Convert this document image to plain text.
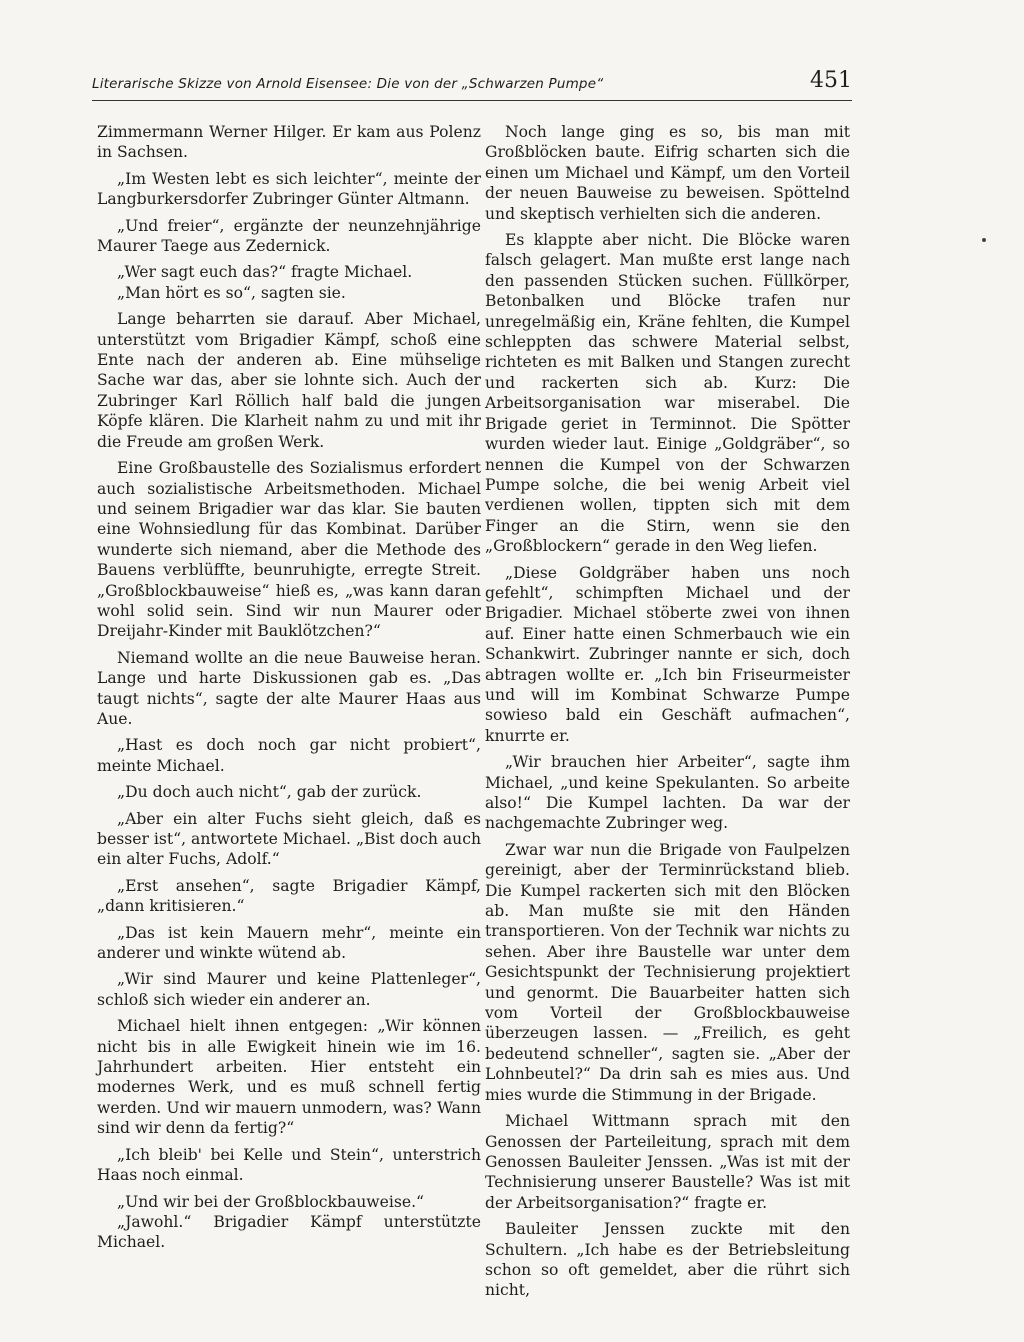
Literarische Skizze von Arnold Eisensee: Die von der „Schwarzen Pumpe“	451

Zimmermann Werner Hilger. Er kam aus Polenz in Sachsen.

„Im Westen lebt es sich leichter“, meinte der Langburkersdorfer Zubringer Günter Altmann.

„Und freier“, ergänzte der neunzehnjährige Maurer Taege aus Zedernick.

„Wer sagt euch das?“ fragte Michael.

„Man hört es so“, sagten sie.

Lange beharrten sie darauf. Aber Michael, unterstützt vom Brigadier Kämpf, schoß eine Ente nach der anderen ab. Eine mühselige Sache war das, aber sie lohnte sich. Auch der Zubringer Karl Röllich half bald die jungen Köpfe klären. Die Klarheit nahm zu und mit ihr die Freude am großen Werk.

Eine Großbaustelle des Sozialismus erfordert auch sozialistische Arbeitsmethoden. Michael und seinem Brigadier war das klar. Sie bauten eine Wohnsiedlung für das Kombinat. Darüber wunderte sich niemand, aber die Methode des Bauens verblüffte, beunruhigte, erregte Streit. „Großblockbauweise“ hieß es, „was kann daran wohl solid sein. Sind wir nun Maurer oder Dreijahr-Kinder mit Bauklötzchen?“

Niemand wollte an die neue Bauweise heran. Lange und harte Diskussionen gab es. „Das taugt nichts“, sagte der alte Maurer Haas aus Aue.

„Hast es doch noch gar nicht probiert“, meinte Michael.

„Du doch auch nicht“, gab der zurück.

„Aber ein alter Fuchs sieht gleich, daß es besser ist“, antwortete Michael. „Bist doch auch ein alter Fuchs, Adolf.“

„Erst ansehen“, sagte Brigadier Kämpf, „dann kritisieren.“

„Das ist kein Mauern mehr“, meinte ein anderer und winkte wütend ab.

„Wir sind Maurer und keine Plattenleger“, schloß sich wieder ein anderer an.

Michael hielt ihnen entgegen: „Wir können nicht bis in alle Ewigkeit hinein wie im 16. Jahrhundert arbeiten. Hier entsteht ein modernes Werk, und es muß schnell fertig werden. Und wir mauern unmodern, was? Wann sind wir denn da fertig?“

„Ich bleib' bei Kelle und Stein“, unterstrich Haas noch einmal.

„Und wir bei der Großblockbauweise.“

„Jawohl.“ Brigadier Kämpf unterstützte Michael.

Noch lange ging es so, bis man mit Großblöcken baute. Eifrig scharten sich die einen um Michael und Kämpf, um den Vorteil der neuen Bauweise zu beweisen. Spöttelnd und skeptisch verhielten sich die anderen.

Es klappte aber nicht. Die Blöcke waren falsch gelagert. Man mußte erst lange nach den passenden Stücken suchen. Füllkörper, Betonbalken und Blöcke trafen nur unregelmäßig ein, Kräne fehlten, die Kumpel schleppten das schwere Material selbst, richteten es mit Balken und Stangen zurecht und rackerten sich ab. Kurz: Die Arbeitsorganisation war miserabel. Die Brigade geriet in Terminnot. Die Spötter wurden wieder laut. Einige „Goldgräber“, so nennen die Kumpel von der Schwarzen Pumpe solche, die bei wenig Arbeit viel verdienen wollen, tippten sich mit dem Finger an die Stirn, wenn sie den „Großblockern“ gerade in den Weg liefen.

„Diese Goldgräber haben uns noch gefehlt“, schimpften Michael und der Brigadier. Michael stöberte zwei von ihnen auf. Einer hatte einen Schmerbauch wie ein Schankwirt. Zubringer nannte er sich, doch abtragen wollte er. „Ich bin Friseurmeister und will im Kombinat Schwarze Pumpe sowieso bald ein Geschäft aufmachen“, knurrte er.

„Wir brauchen hier Arbeiter“, sagte ihm Michael, „und keine Spekulanten. So arbeite also!“ Die Kumpel lachten. Da war der nachgemachte Zubringer weg.

Zwar war nun die Brigade von Faulpelzen gereinigt, aber der Terminrückstand blieb. Die Kumpel rackerten sich mit den Blöcken ab. Man mußte sie mit den Händen transportieren. Von der Technik war nichts zu sehen. Aber ihre Baustelle war unter dem Gesichtspunkt der Technisierung projektiert und genormt. Die Bauarbeiter hatten sich vom Vorteil der Großblockbauweise überzeugen lassen. — „Freilich, es geht bedeutend schneller“, sagten sie. „Aber der Lohnbeutel?“ Da drin sah es mies aus. Und mies wurde die Stimmung in der Brigade.

Michael Wittmann sprach mit den Genossen der Parteileitung, sprach mit dem Genossen Bauleiter Jenssen. „Was ist mit der Technisierung unserer Baustelle? Was ist mit der Arbeitsorganisation?“ fragte er.

Bauleiter Jenssen zuckte mit den Schultern. „Ich habe es der Betriebsleitung schon so oft gemeldet, aber die rührt sich nicht,
